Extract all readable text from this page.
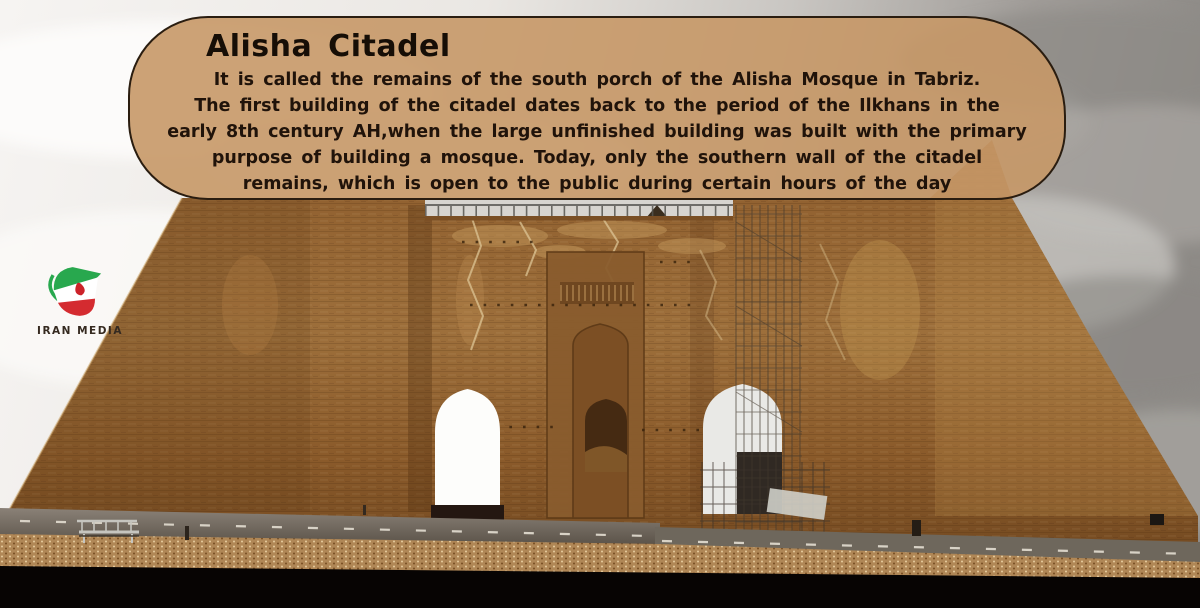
Alisha Citadel
It is called the remains of the south porch of the Alisha Mosque in Tabriz.
The first building of the citadel dates back to the period of the Ilkhans in the
early 8th century AH,when the large unfinished building was built with the primary
purpose of building a mosque. Today, only the southern wall of the citadel
remains, which is open to the public during certain hours of the day
IRAN MEDIA
